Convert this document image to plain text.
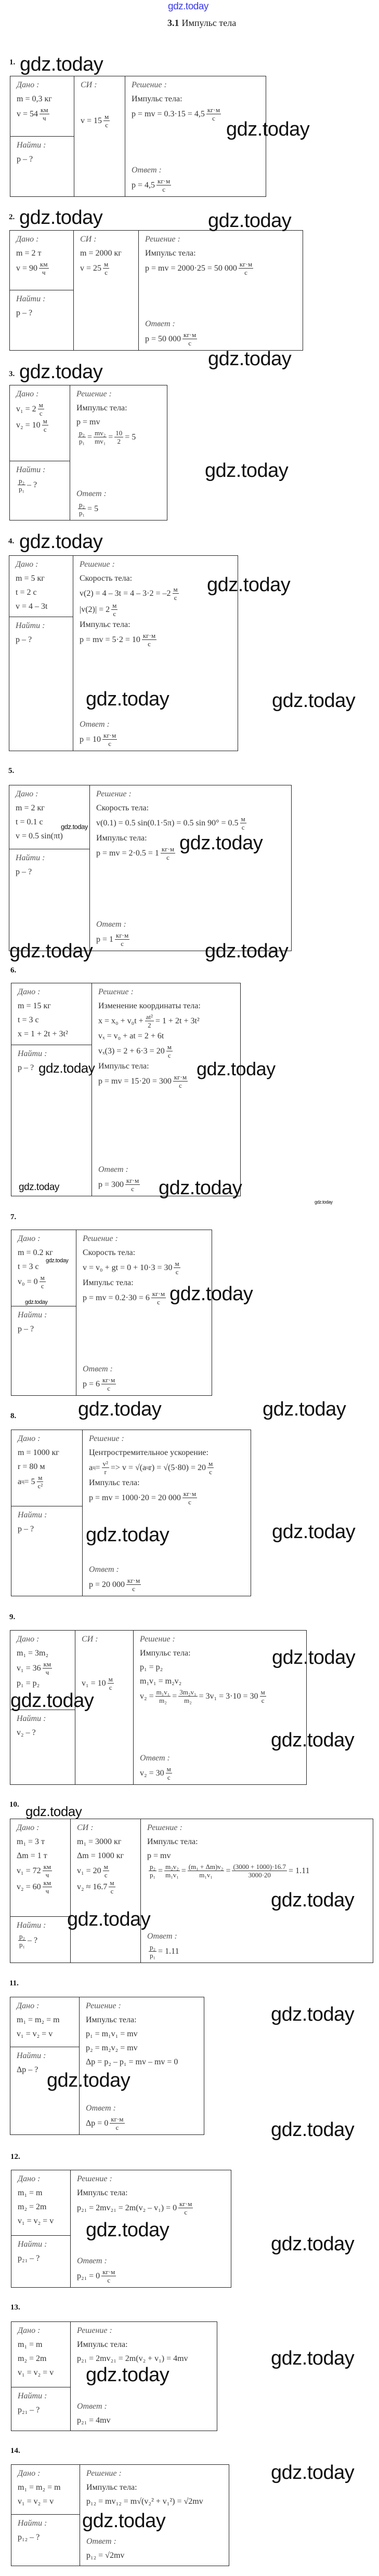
gdz.today
3.1 Импульс тела
1.
Дано :
m = 0,3 кг
$v = 54 \frac{км}{ч}$
Найти :
p – ?
СИ :
$v = 15 \frac{м}{с}$
Решение :
Импульс тела:
p = mv = $0.3\cdot 15 = 4,5 \frac{кг\cdot м}{с}$
Ответ :
$p = 4,5 \frac{кг\cdot м}{с}$
2.
Дано :
m = 2 т
$v = 90 \frac{км}{ч}$
Найти :
p – ?
СИ :
m = 2000 кг
$v = 25 \frac{м}{с}$
Решение :
Импульс тела:
p = mv = 2000·25 = 50 $000 \frac{кг\cdot м}{с}$
Ответ :
p = 50 $000 \frac{кг\cdot м}{с}$
3.
Дано :
$v_1 = 2 \frac{м}{с}$
$v_2 = 10 \frac{м}{с}$
Найти :
$\frac{\text{p₂}}{\text{p₁}}$ – ?
Решение :
Импульс тела:
p = mv
$\frac{\text{p₂}}{\text{p₁}} = \frac{\text{mv₂}}{\text{mv₁}} = \frac{10}{2} = 5$
Ответ :
$\frac{\text{p₂}}{\text{p₁}} = 5$
4.
Дано :
m = 5 кг
t = 2 с
v = 4 – 3t
Найти :
p – ?
Решение :
Скорость тела:
$v(2) = 4 - 3t = 4 - 3\cdot 2 = -2 \frac{м}{с}$
$|v(2)| = 2 \frac{м}{с}$
Импульс тела:
p = mv = $5\cdot 2 = 10 \frac{кг\cdot м}{с}$
Ответ :
$p = 10 \frac{кг\cdot м}{с}$
5.
Дано :
m = 2 кг
t = 0.1 с
v = 0.5 sin(πt)
Найти :
p – ?
Решение :
Скорость тела:
v(0.1) = 0.5 sin(0.1·5π) = 0.5 $\sin 90^\circ = 0.5 \frac{м}{с}$
Импульс тела:
p = mv = $2\cdot 0.5 = 1 \frac{кг\cdot м}{с}$
Ответ :
$p = 1 \frac{кг\cdot м}{с}$
6.
Дано :
m = 15 кг
t = 3 с
x = 1 + 2t + 3t²
Найти :
p – ?
Решение :
Изменение координаты тела:
$x = x_0 + v_0t + \frac{\text{at²}}{2} = 1 + 2t + 3t^2$
vₓ = v₀ + at = 2 + 6t
$v_x(3) = 2 + 6\cdot 3 = 20 \frac{м}{с}$
Импульс тела:
p = mv = $15\cdot 20 = 300 \frac{кг\cdot м}{с}$
Ответ :
$p = 300 \frac{кг\cdot м}{с}$
7.
Дано :
m = 0.2 кг
t = 3 с
$v_0 = 0 \frac{м}{с}$
Найти :
p – ?
Решение :
Скорость тела:
v = v₀ + gt = $0 + 10\cdot 3 = 30 \frac{м}{с}$
Импульс тела:
p = mv = $0.2\cdot 30 = 6 \frac{кг\cdot м}{с}$
Ответ :
$p = 6 \frac{кг\cdot м}{с}$
8.
Дано :
m = 1000 кг
r = 80 м
a $ц = 5 \frac{м}{\text{с²}}$
Найти :
p – ?
Решение :
Центростремительное ускорение:
a $ц = \frac{\text{v²}}{r} => v = √(a$ ц $r) = √(5\cdot 80) = 20 \frac{м}{с}$
Импульс тела:
p = mv = 1000·20 = 20 $000 \frac{кг\cdot м}{с}$
Ответ :
p = 20 $000 \frac{кг\cdot м}{с}$
9.
Дано :
m₁ = 3m₂
$v_1 = 36 \frac{км}{ч}$
p₁ = p₂
Найти :
v₂ – ?
СИ :
$v_1 = 10 \frac{м}{с}$
Решение :
Импульс тела:
p₁ = p₂
m₁v₁ = m₂v₂
$v_2 = \frac{\text{m₁v₁}}{\text{m₂}} = \frac{\text{3m₂v₁}}{\text{m₂}} = 3v_1 = 3\cdot 10 = 30 \frac{м}{с}$
Ответ :
$v_2 = 30 \frac{м}{с}$
10.
Дано :
m₁ = 3 т
Δm = 1 т
$v_1 = 72 \frac{км}{ч}$
$v_2 = 60 \frac{км}{ч}$
Найти :
$\frac{\text{p₂}}{\text{p₁}}$ – ?
СИ :
m₁ = 3000 кг
Δm = 1000 кг
$v_1 = 20 \frac{м}{с}$
$v_2 \approx 16.7 \frac{м}{с}$
Решение :
Импульс тела:
p = mv
$\frac{\text{p₂}}{\text{p₁}} = \frac{\text{m₂v₂}}{\text{m₁v₁}} = \frac{\text{(m₁ + Δm)v₂}}{\text{m₁v₁}} = \frac{(3000 + 1000)\cdot 16.7}{3000\cdot 20} = 1.11$
Ответ :
$\frac{\text{p₂}}{\text{p₁}} = 1.11$
11.
Дано :
m₁ = m₂ = m
v₁ = v₂ = v
Найти :
Δp – ?
Решение :
Импульс тела:
p₁ = m₁v₁ = mv
p₂ = m₂v₂ = mv
Δp = p₂ – p₁ = mv – mv = 0
Ответ :
$\Delta p = 0 \frac{кг\cdot м}{с}$
12.
Дано :
m₁ = m
m₂ = 2m
v₁ = v₂ = v
Найти :
p₂₁ – ?
Решение :
Импульс тела:
$p_{21} = 2mv_{21} = 2m(v_2 - v_1) = 0 \frac{кг\cdot м}{с}$
Ответ :
$p_{21} = 0 \frac{кг\cdot м}{с}$
13.
Дано :
m₁ = m
m₂ = 2m
v₁ = v₂ = v
Найти :
p₂₁ – ?
Решение :
Импульс тела:
p₂₁ = 2mv₂₁ = 2m(v₂ + v₁) = 4mv
Ответ :
p₂₁ = 4mv
14.
Дано :
m₁ = m₂ = m
v₁ = v₂ = v
Найти :
p₁₂ – ?
Решение :
Импульс тела:
p₁₂ = mv₁₂ = m√(v₂² + v₁²) = √2mv
Ответ :
p₁₂ = √2mv
gdz.today
gdz.today
gdz.today	gdz.today
gdz.today
gdz.today
gdz.today
gdz.today
gdz.today
gdz.today	gdz.today
gdz.today
gdz.today
gdz.today	gdz.today
gdz.today	gdz.today
gdz.today	gdz.today
gdz.today
gdz.today	gdz.today
gdz.today	gdz.today
gdz.today	gdz.today
gdz.today
gdz.today
gdz.today
gdz.today
gdz.today
gdz.today
gdz.today
gdz.today
gdz.today
gdz.today
gdz.today
gdz.today
gdz.today
gdz.today
gdz.today
gdz.today
